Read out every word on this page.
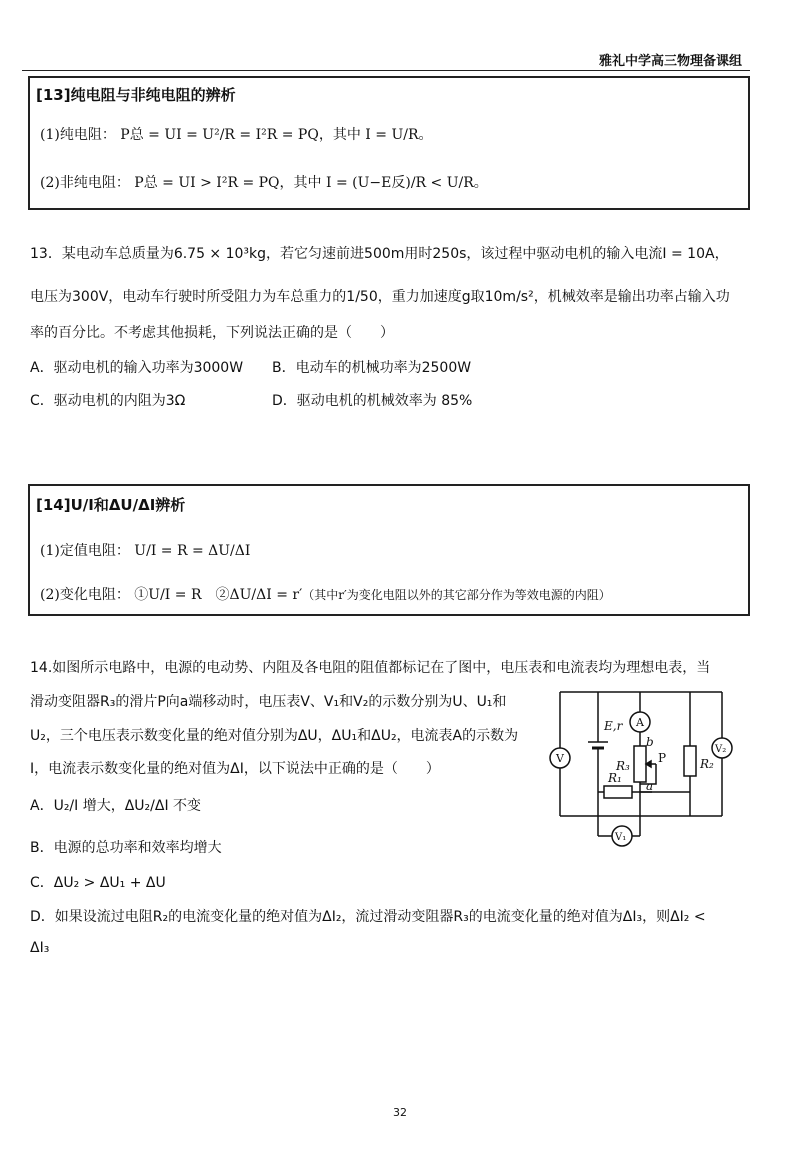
雅礼中学高三物理备课组
[13]纯电阻与非纯电阻的辨析
(1)纯电阻： P总 = UI = U²/R = I²R = PQ，其中 I = U/R。
(2)非纯电阻： P总 = UI > I²R = PQ，其中 I = (U−E反)/R < U/R。
13．某电动车总质量为6.75 × 10³kg，若它匀速前进500m用时250s，该过程中驱动电机的输入电流I = 10A，
电压为300V，电动车行驶时所受阻力为车总重力的1/50，重力加速度g取10m/s²，机械效率是输出功率占输入功
率的百分比。不考虑其他损耗，下列说法正确的是（　　）
A．驱动电机的输入功率为3000W B．电动车的机械功率为2500W
C．驱动电机的内阻为3Ω	D．驱动电机的机械效率为 85%
[14]U/I和ΔU/ΔI辨析
(1)定值电阻： U/I = R = ΔU/ΔI
(2)变化电阻： ①U/I = R　②ΔU/ΔI = r′（其中r′为变化电阻以外的其它部分作为等效电源的内阻）
14.如图所示电路中，电源的电动势、内阻及各电阻的阻值都标记在了图中，电压表和电流表均为理想电表，当
滑动变阻器R₃的滑片P向a端移动时，电压表V、V₁和V₂的示数分别为U、U₁和
U₂，三个电压表示数变化量的绝对值分别为ΔU，ΔU₁和ΔU₂，电流表A的示数为
I，电流表示数变化量的绝对值为ΔI，以下说法中正确的是（　　）
A．U₂/I 增大，ΔU₂/ΔI 不变
B．电源的总功率和效率均增大
C．ΔU₂ > ΔU₁ + ΔU
D．如果设流过电阻R₂的电流变化量的绝对值为ΔI₂，流过滑动变阻器R₃的电流变化量的绝对值为ΔI₃，则ΔI₂ <
ΔI₃
E,r A
V
V₂
V₁
R₁
R₂
R₃
b
a
P
32
